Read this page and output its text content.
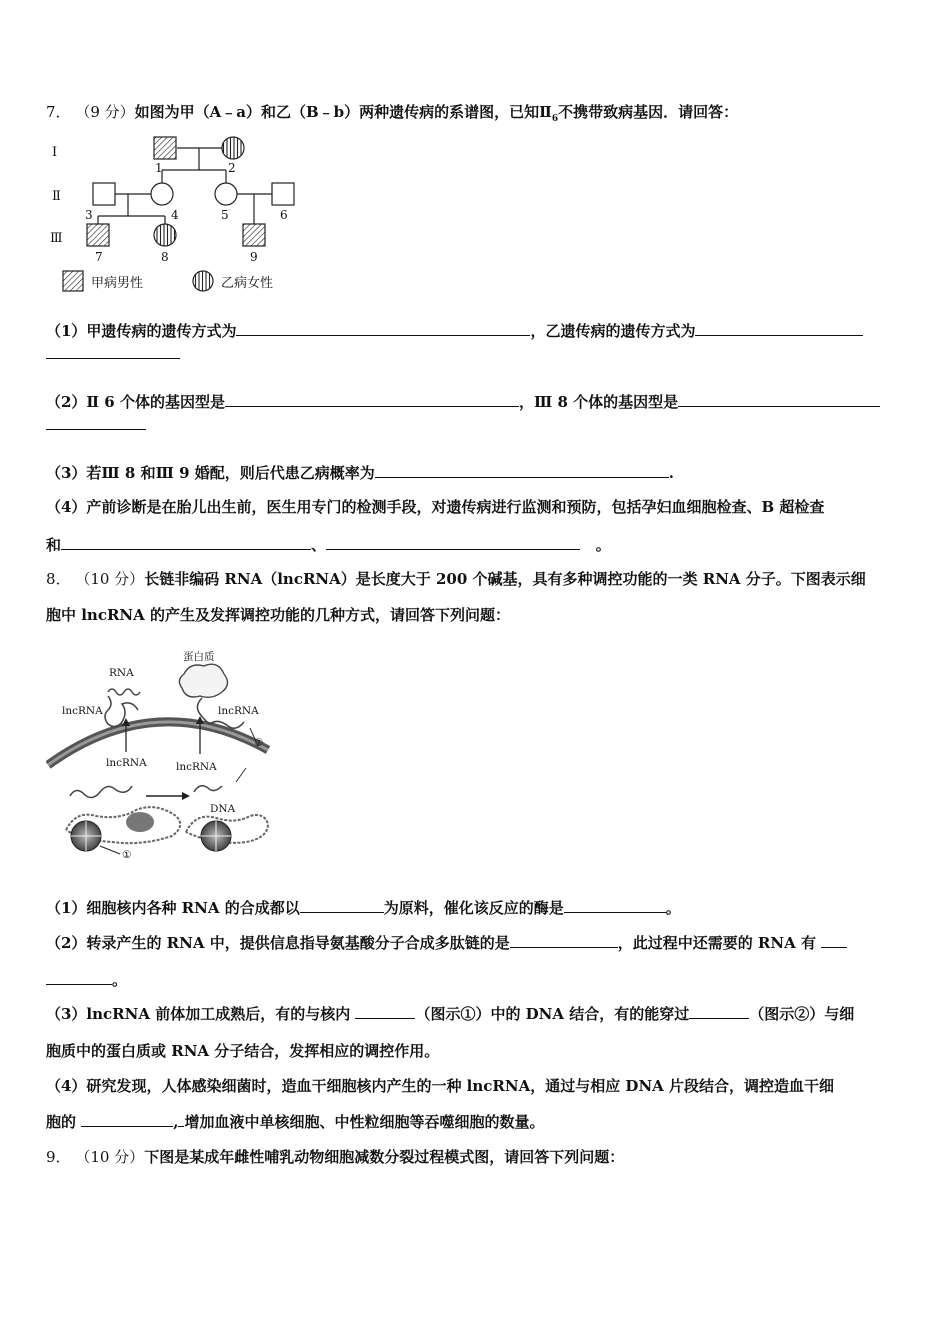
7． （9 分）如图为甲（A﹣a）和乙（B﹣b）两种遗传病的系谱图，已知$Ⅱ_6$不携带致病基因．请回答：
Ⅰ
Ⅱ
Ⅲ
1	2
3	4	5	6
7	8	9
甲病男性	乙病女性
（1）甲遗传病的遗传方式为	，乙遗传病的遗传方式为
（2）Ⅱ 6 个体的基因型是	，Ⅲ 8 个体的基因型是
（3）若Ⅲ 8 和Ⅲ 9 婚配，则后代患乙病概率为	.
（4）产前诊断是在胎儿出生前，医生用专门的检测手段，对遗传病进行监测和预防，包括孕妇血细胞检查、B 超检查
和	、	。
8． （10 分）长链非编码 RNA（lncRNA）是长度大于 200 个碱基，具有多种调控功能的一类 RNA 分子。下图表示细
胞中 lncRNA 的产生及发挥调控功能的几种方式，请回答下列问题：
RNA
蛋白质
lncRNA	lncRNA
lncRNA	lncRNA
DNA
①
②
（1）细胞核内各种 RNA 的合成都以	为原料，催化该反应的酶是	。
（2）转录产生的 RNA 中，提供信息指导氨基酸分子合成多肽链的是	，此过程中还需要的 RNA 有
。
（3）lncRNA 前体加工成熟后，有的与核内	（图示①）中的 DNA 结合，有的能穿过	（图示②）与细
胞质中的蛋白质或 RNA 分子结合，发挥相应的调控作用。
（4）研究发现，人体感染细菌时，造血干细胞核内产生的一种 lncRNA，通过与相应 DNA 片段结合，调控造血干细
胞的	, 增加血液中单核细胞、中性粒细胞等吞噬细胞的数量。
9． （10 分）下图是某成年雌性哺乳动物细胞减数分裂过程模式图，请回答下列问题：
